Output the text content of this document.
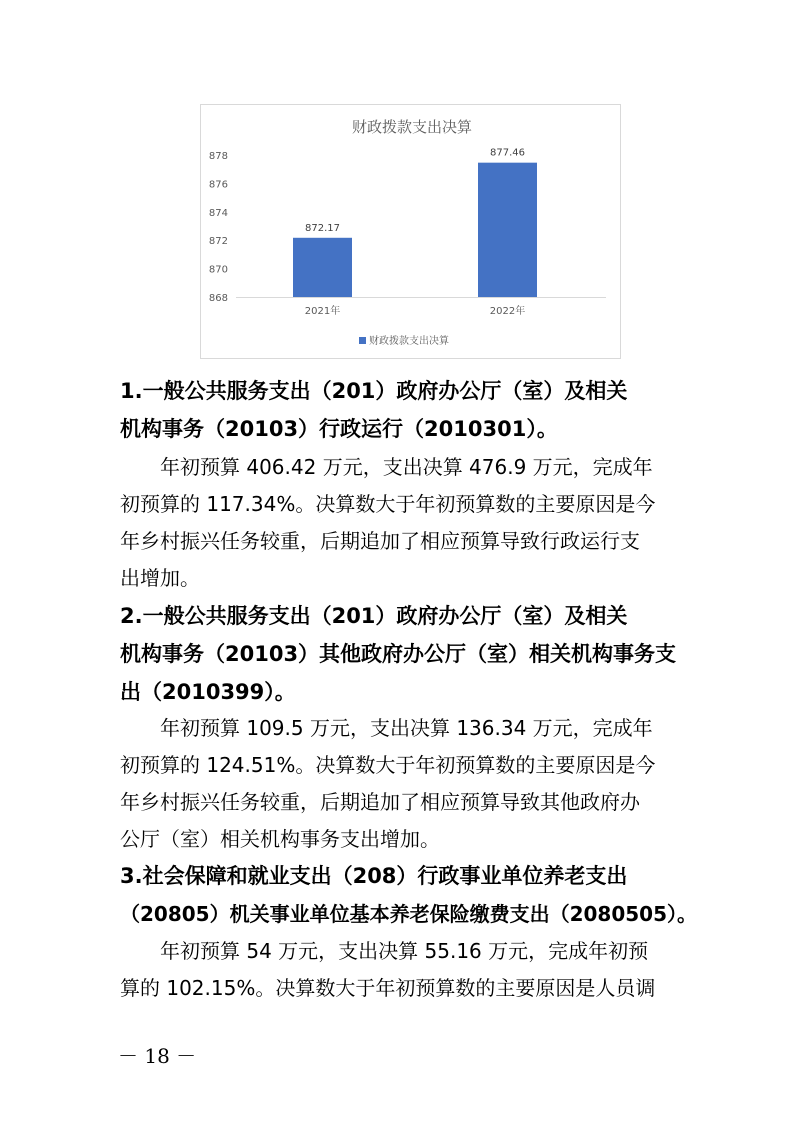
财政拨款支出决算
868
870
872
874
876
878
872.17
2021年
877.46
2022年
财政拨款支出决算
1.一般公共服务支出（201）政府办公厅（室）及相关
机构事务（20103）行政运行（2010301）。
　　年初预算 406.42 万元，支出决算 476.9 万元，完成年
初预算的 117.34%。决算数大于年初预算数的主要原因是今
年乡村振兴任务较重，后期追加了相应预算导致行政运行支
出增加。
2.一般公共服务支出（201）政府办公厅（室）及相关
机构事务（20103）其他政府办公厅（室）相关机构事务支
出（2010399）。
　　年初预算 109.5 万元，支出决算 136.34 万元，完成年
初预算的 124.51%。决算数大于年初预算数的主要原因是今
年乡村振兴任务较重，后期追加了相应预算导致其他政府办
公厅（室）相关机构事务支出增加。
3.社会保障和就业支出（208）行政事业单位养老支出
（20805）机关事业单位基本养老保险缴费支出（2080505）。
　　年初预算 54 万元，支出决算 55.16 万元，完成年初预
算的 102.15%。决算数大于年初预算数的主要原因是人员调
－ 18 －
